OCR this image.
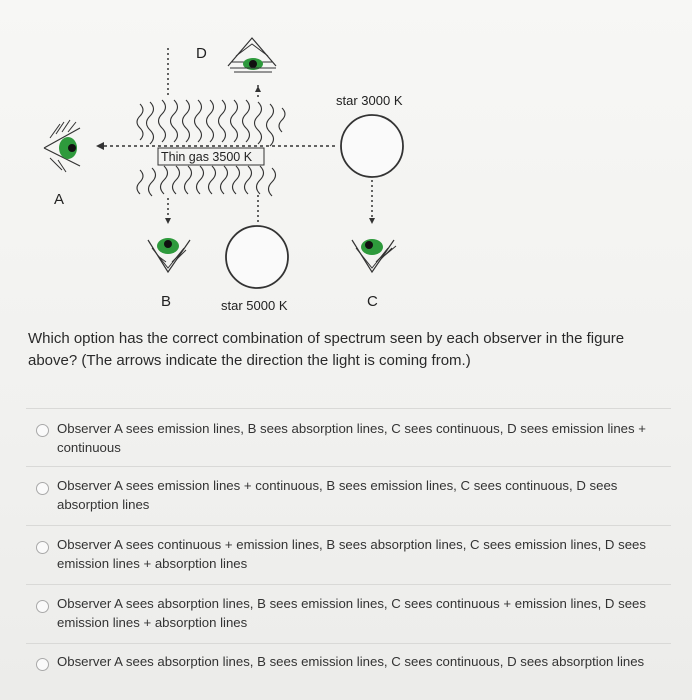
D
Thin gas 3500 K
A
star 3000 K
B	star 5000 K	C
Which option has the correct combination of spectrum seen by each observer in the figure above? (The arrows indicate the direction the light is coming from.)
Observer A sees emission lines, B sees absorption lines, C sees continuous, D sees emission lines + continuous
Observer A sees emission lines + continuous, B sees emission lines, C sees continuous, D sees absorption lines
Observer A sees continuous + emission lines, B sees absorption lines, C sees emission lines, D sees emission lines + absorption lines
Observer A sees absorption lines, B sees emission lines, C sees continuous + emission lines, D sees emission lines + absorption lines
Observer A sees absorption lines, B sees emission lines, C sees continuous, D sees absorption lines
